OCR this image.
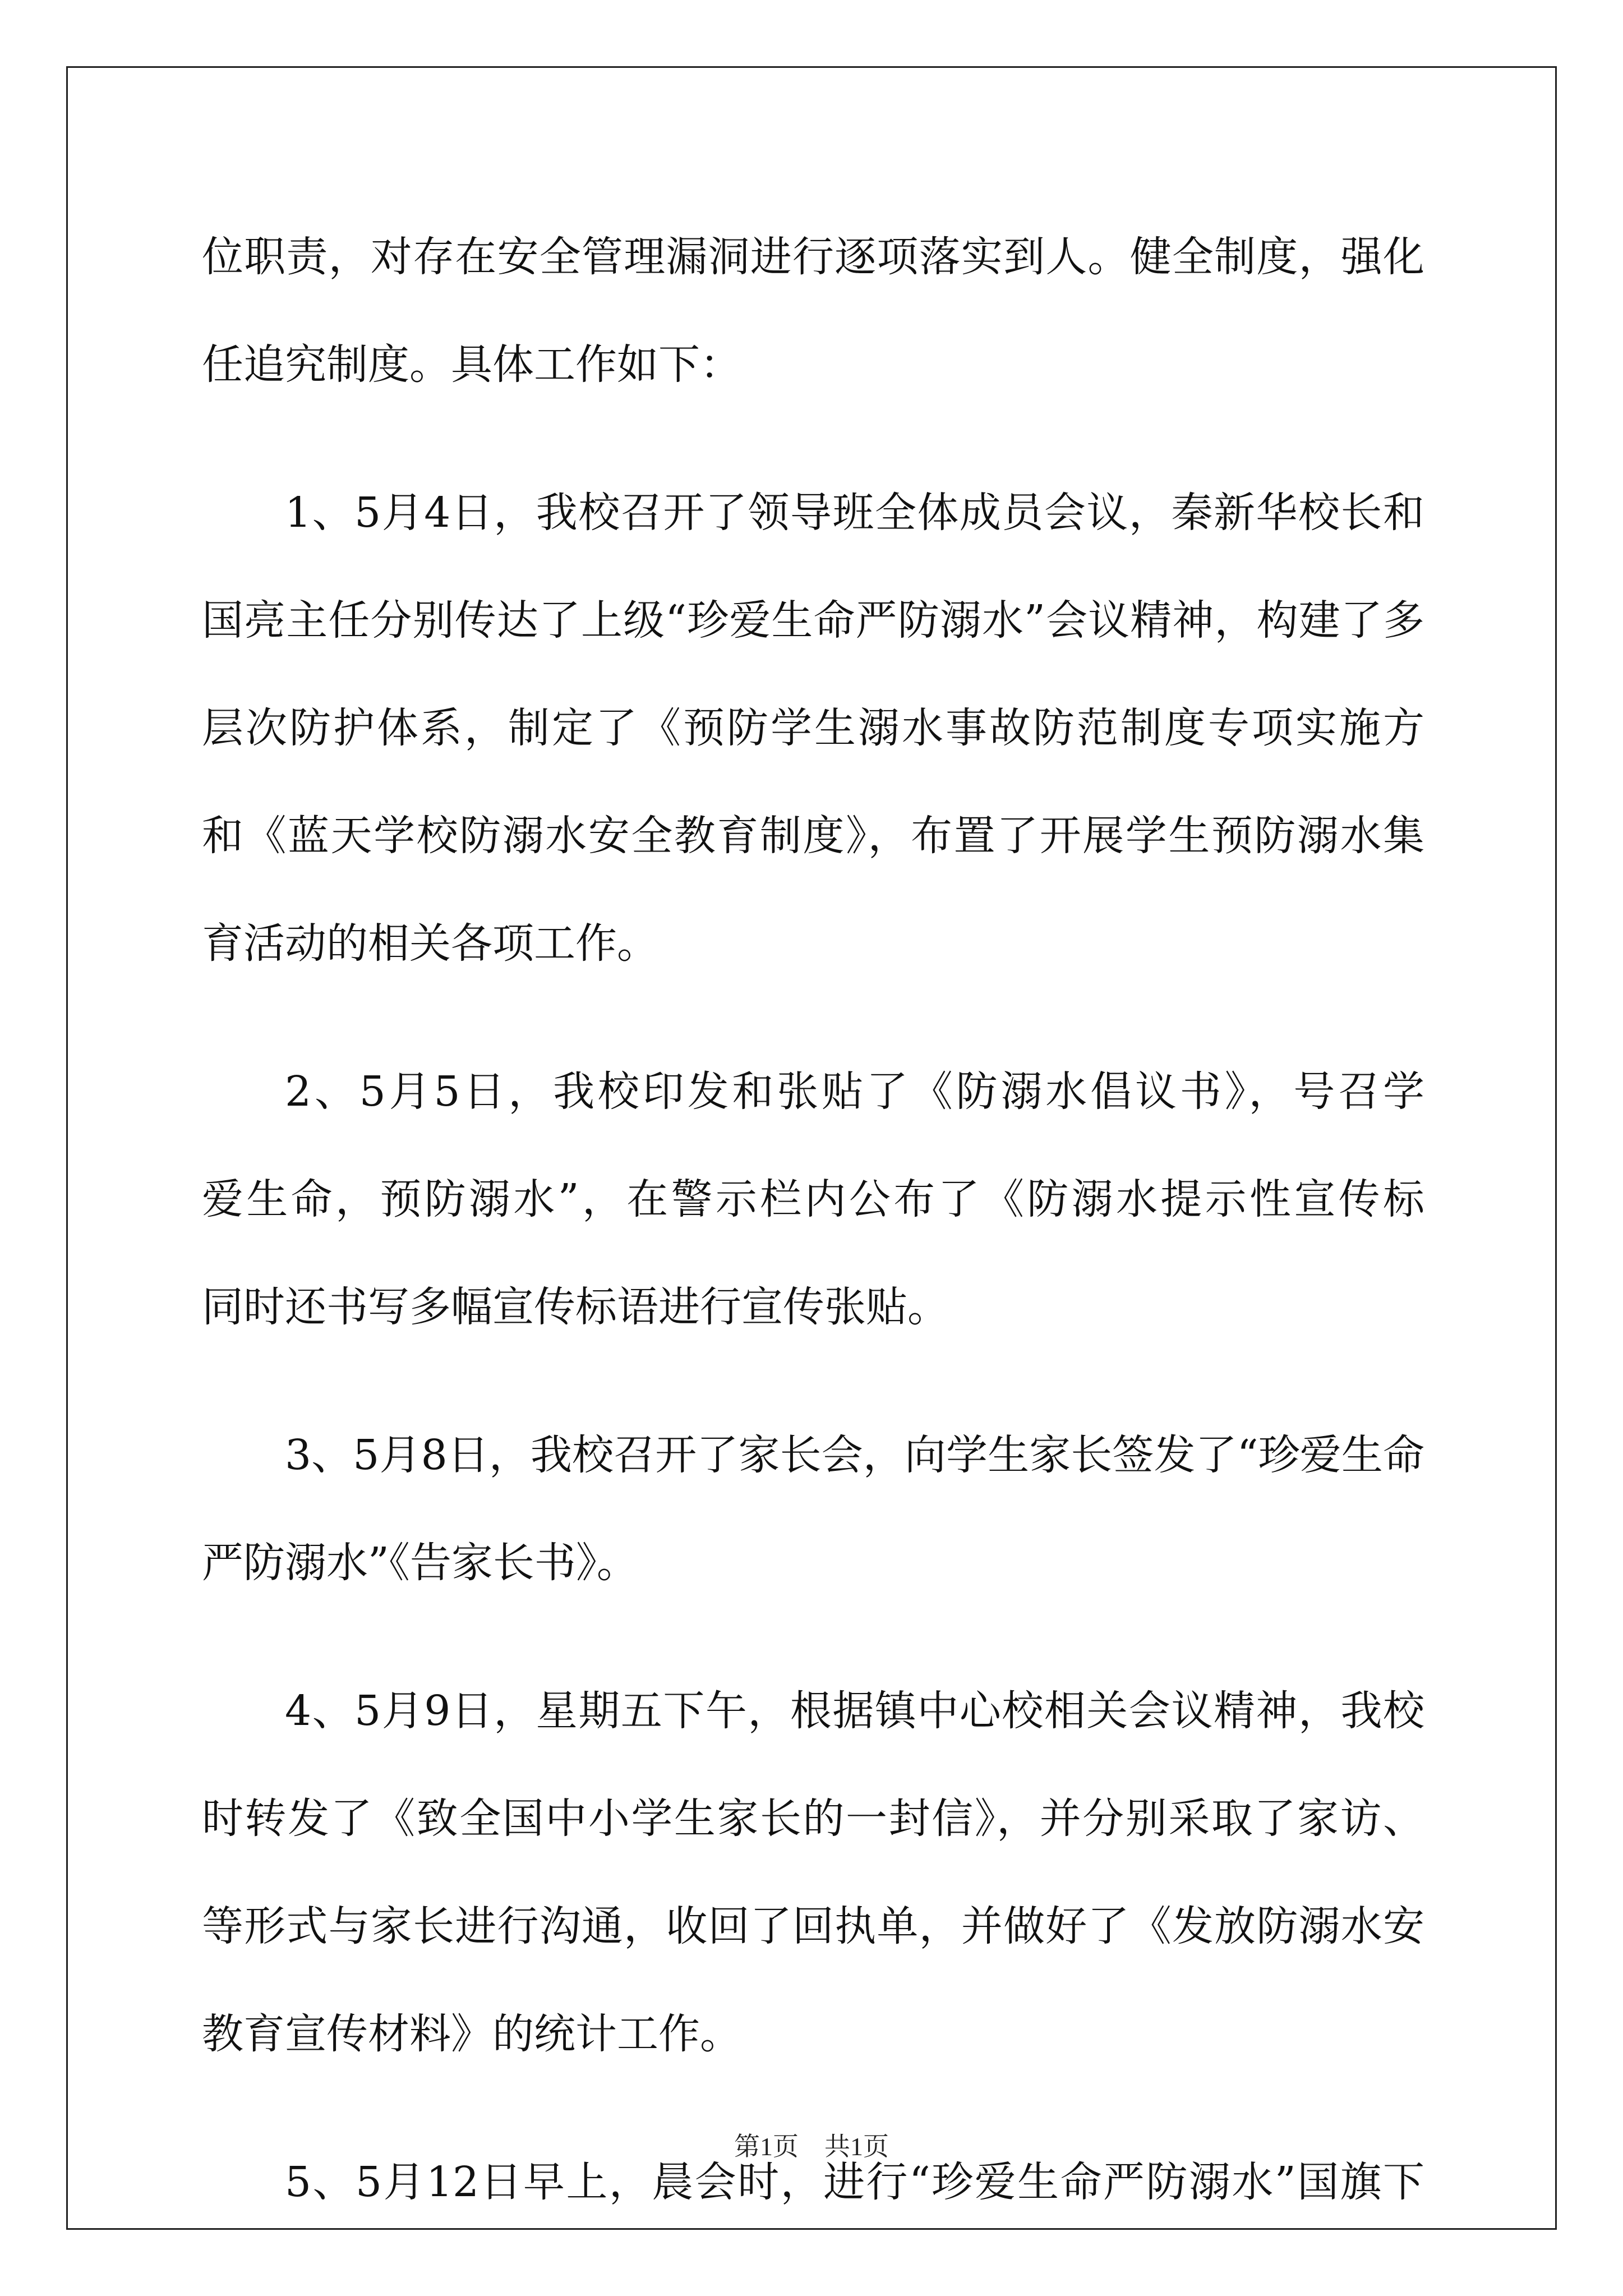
位职责，对存在安全管理漏洞进行逐项落实到人。健全制度，强化
任追究制度。具体工作如下：
1、5月4日，我校召开了领导班全体成员会议，秦新华校长和
国亮主任分别传达了上级“珍爱生命严防溺水”会议精神，构建了多
层次防护体系，制定了《预防学生溺水事故防范制度专项实施方
和《蓝天学校防溺水安全教育制度》，布置了开展学生预防溺水集
育活动的相关各项工作。
2、5月5日，我校印发和张贴了《防溺水倡议书》，号召学
爱生命，预防溺水”，在警示栏内公布了《防溺水提示性宣传标
同时还书写多幅宣传标语进行宣传张贴。
3、5月8日，我校召开了家长会，向学生家长签发了“珍爱生命
严防溺水”《告家长书》。
4、5月9日，星期五下午，根据镇中心校相关会议精神，我校
时转发了《致全国中小学生家长的一封信》，并分别采取了家访、
等形式与家长进行沟通，收回了回执单，并做好了《发放防溺水安
教育宣传材料》的统计工作。
5、5月12日早上，晨会时，进行“珍爱生命严防溺水”国旗下
第1页　共1页
